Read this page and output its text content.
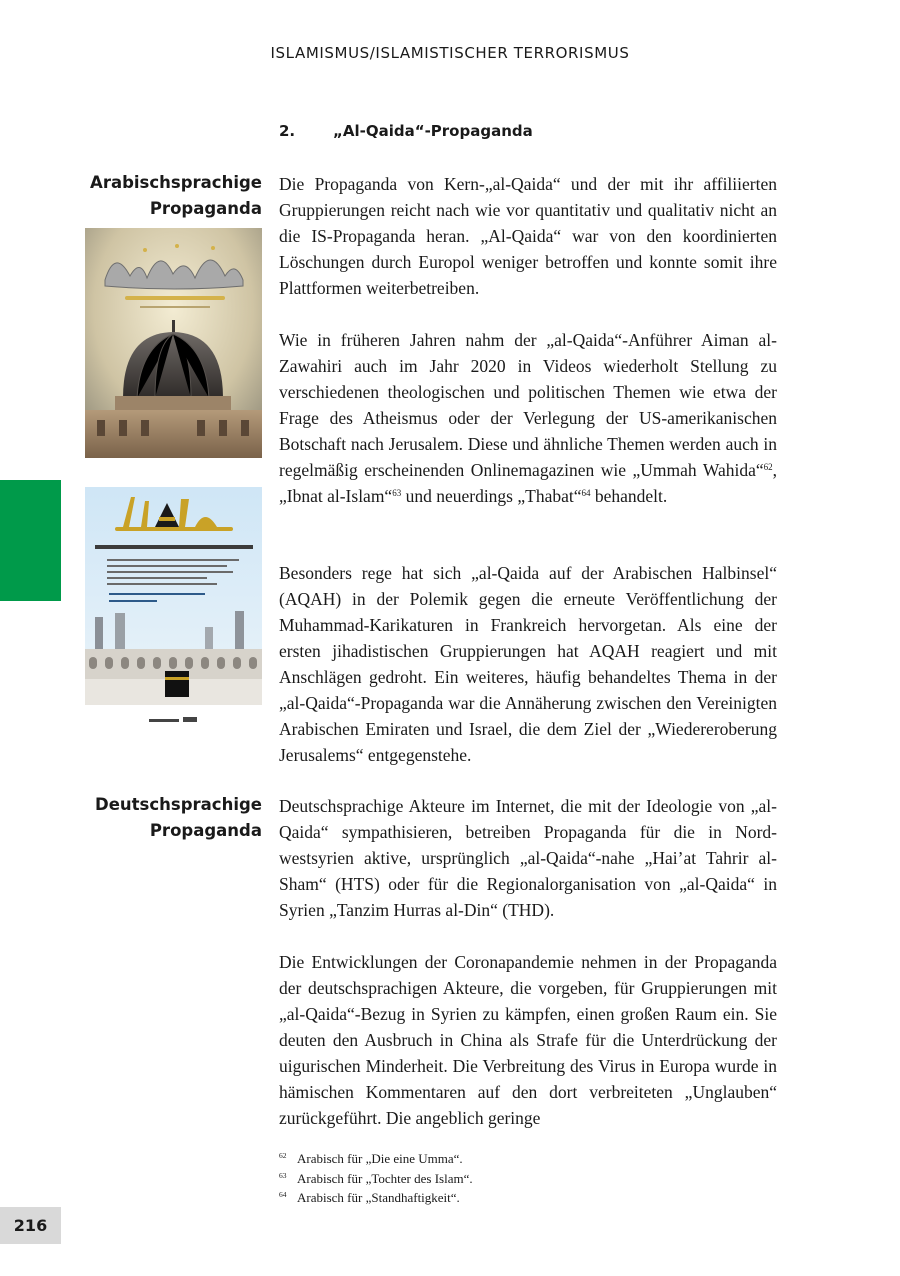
ISLAMISMUS/ISLAMISTISCHER TERRORISMUS
2.	„Al-Qaida“-Propaganda
Arabischsprachige
Propaganda
Deutschsprachige
Propaganda

Die Propaganda von Kern-„al-Qaida“ und der mit ihr affiliierten Gruppierungen reicht nach wie vor quantitativ und qualitativ nicht an die IS-Propaganda heran. „Al-Qaida“ war von den koordinierten Löschungen durch Europol weniger betroffen und konnte somit ihre Plattformen weiterbetreiben.

Wie in früheren Jahren nahm der „al-Qaida“-Anführer Aiman al-Zawahiri auch im Jahr 2020 in Videos wiederholt Stellung zu verschiedenen theologischen und politischen Themen wie etwa der Frage des Atheismus oder der Verlegung der US-amerikanischen Botschaft nach Jerusalem. Diese und ähnliche Themen werden auch in regelmäßig erscheinenden Onlinemagazinen wie „Ummah Wahida“$^{62}$, „Ibnat al-Islam“$^{63}$ und neuerdings „Thabat“$^{64}$ behandelt.

Besonders rege hat sich „al-Qaida auf der Arabischen Halbinsel“ (AQAH) in der Polemik gegen die erneute Veröffentlichung der Muhammad-Karikaturen in Frankreich hervorgetan. Als eine der ersten jihadistischen Gruppierungen hat AQAH reagiert und mit Anschlägen gedroht. Ein weiteres, häufig behandeltes Thema in der „al-Qaida“-Propaganda war die Annäherung zwischen den Vereinigten Arabischen Emiraten und Israel, die dem Ziel der „Wiedereroberung Jerusalems“ entgegenstehe.

Deutschsprachige Akteure im Internet, die mit der Ideologie von „al-Qaida“ sympathisieren, betreiben Propaganda für die in Nordwestsyrien aktive, ursprünglich „al-Qaida“-nahe „Hai’at Tahrir al-Sham“ (HTS) oder für die Regionalorganisation von „al-Qaida“ in Syrien „Tanzim Hurras al-Din“ (THD).

Die Entwicklungen der Coronapandemie nehmen in der Propaganda der deutschsprachigen Akteure, die vorgeben, für Gruppierungen mit „al-Qaida“-Bezug in Syrien zu kämpfen, einen großen Raum ein. Sie deuten den Ausbruch in China als Strafe für die Unterdrückung der uigurischen Minderheit. Die Verbreitung des Virus in Europa wurde in hämischen Kommentaren auf den dort verbreiteten „Unglauben“ zurückgeführt. Die angeblich geringe

$^{62}$ Arabisch für „Die eine Umma“.
$^{63}$ Arabisch für „Tochter des Islam“.
$^{64}$ Arabisch für „Standhaftigkeit“.
216
